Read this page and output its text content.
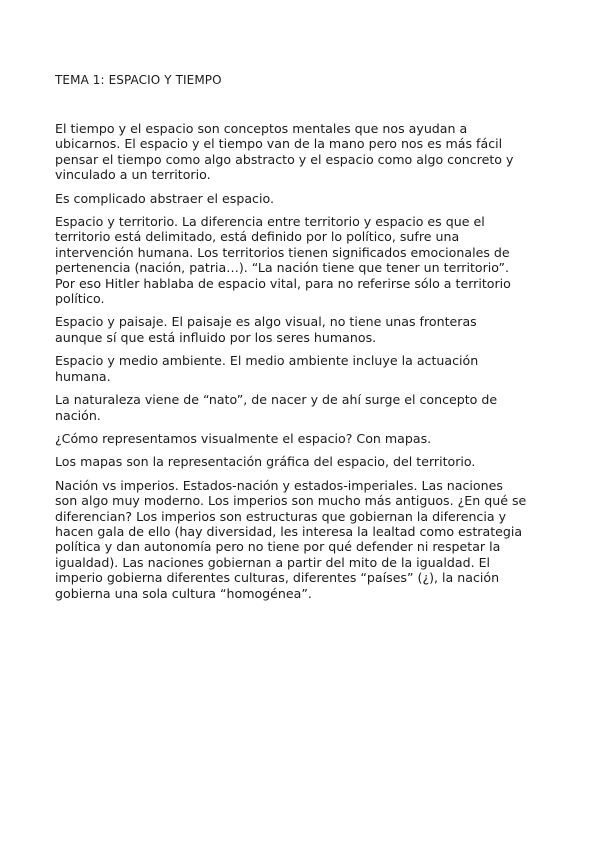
TEMA 1: ESPACIO Y TIEMPO

El tiempo y el espacio son conceptos mentales que nos ayudan a
ubicarnos. El espacio y el tiempo van de la mano pero nos es más fácil
pensar el tiempo como algo abstracto y el espacio como algo concreto y
vinculado a un territorio.

Es complicado abstraer el espacio.

Espacio y territorio. La diferencia entre territorio y espacio es que el
territorio está delimitado, está definido por lo político, sufre una
intervención humana. Los territorios tienen significados emocionales de
pertenencia (nación, patria…). “La nación tiene que tener un territorio”.
Por eso Hitler hablaba de espacio vital, para no referirse sólo a territorio
político.

Espacio y paisaje. El paisaje es algo visual, no tiene unas fronteras
aunque sí que está influido por los seres humanos.

Espacio y medio ambiente. El medio ambiente incluye la actuación
humana.

La naturaleza viene de “nato”, de nacer y de ahí surge el concepto de
nación.

¿Cómo representamos visualmente el espacio? Con mapas.

Los mapas son la representación gráfica del espacio, del territorio.

Nación vs imperios. Estados-nación y estados-imperiales. Las naciones
son algo muy moderno. Los imperios son mucho más antiguos. ¿En qué se
diferencian? Los imperios son estructuras que gobiernan la diferencia y
hacen gala de ello (hay diversidad, les interesa la lealtad como estrategia
política y dan autonomía pero no tiene por qué defender ni respetar la
igualdad). Las naciones gobiernan a partir del mito de la igualdad. El
imperio gobierna diferentes culturas, diferentes “países” (¿), la nación
gobierna una sola cultura “homogénea”.
